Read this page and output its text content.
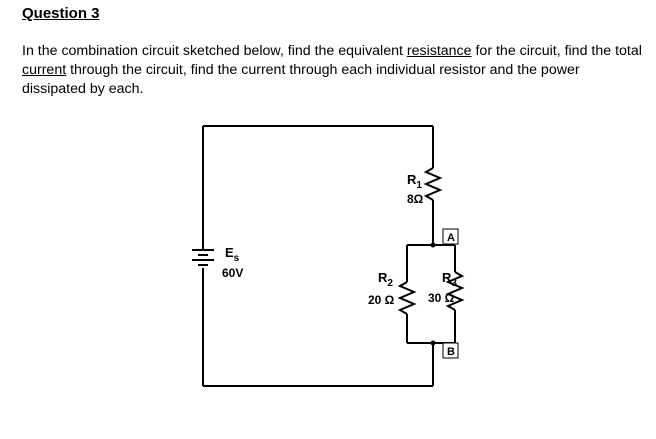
Question 3
In the combination circuit sketched below, find the equivalent resistance for the circuit, find the total current through the circuit, find the current through each individual resistor and the power dissipated by each.
$E_s$
60V
$R_1$
8Ω
$R_2$
20 Ω
$R_3$
30 Ω
A
B
